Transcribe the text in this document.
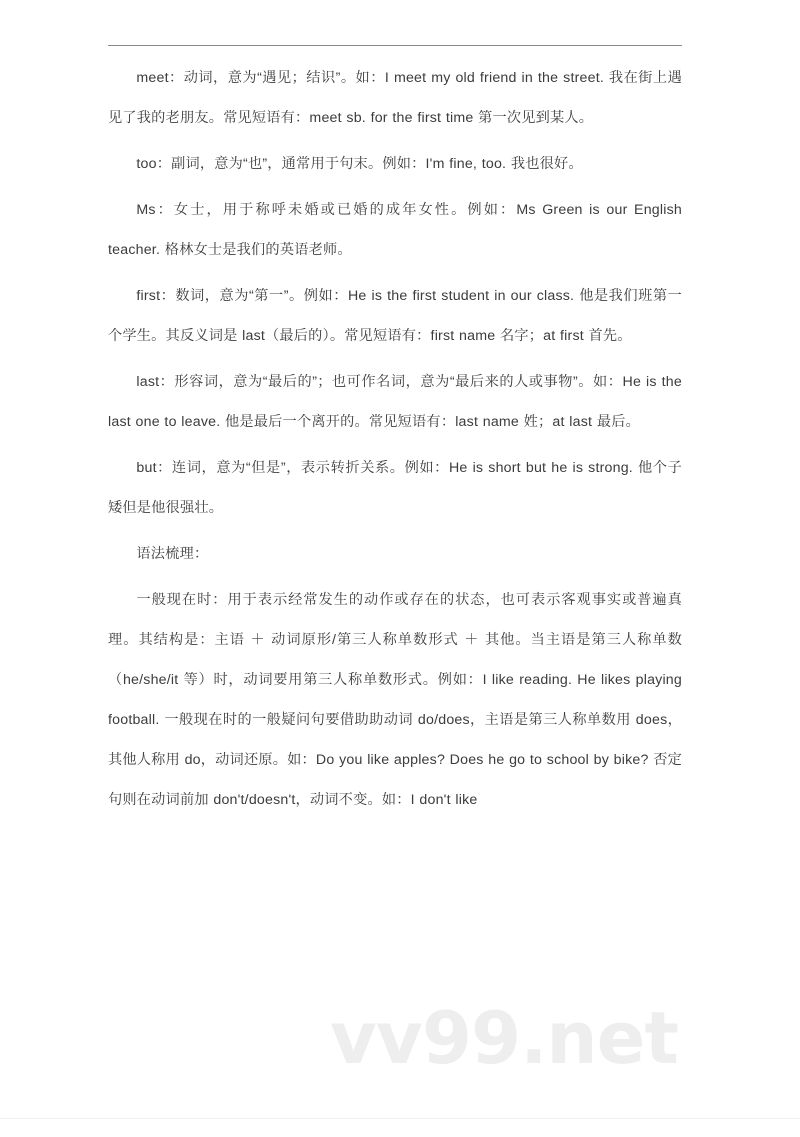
meet：动词，意为“遇见；结识”。如：I meet my old friend in the street. 我在街上遇见了我的老朋友。常见短语有：meet sb. for the first time 第一次见到某人。

too：副词，意为“也”，通常用于句末。例如：I'm fine, too. 我也很好。

Ms：女士，用于称呼未婚或已婚的成年女性。例如：Ms Green is our English teacher. 格林女士是我们的英语老师。

first：数词，意为“第一”。例如：He is the first student in our class. 他是我们班第一个学生。其反义词是 last（最后的）。常见短语有：first name 名字；at first 首先。

last：形容词，意为“最后的”；也可作名词，意为“最后来的人或事物”。如：He is the last one to leave. 他是最后一个离开的。常见短语有：last name 姓；at last 最后。

but：连词，意为“但是”，表示转折关系。例如：He is short but he is strong. 他个子矮但是他很强壮。

语法梳理：

一般现在时：用于表示经常发生的动作或存在的状态，也可表示客观事实或普遍真理。其结构是：主语 ＋ 动词原形/第三人称单数形式 ＋ 其他。当主语是第三人称单数（he/she/it 等）时，动词要用第三人称单数形式。例如：I like reading. He likes playing football. 一般现在时的一般疑问句要借助助动词 do/does，主语是第三人称单数用 does，其他人称用 do，动词还原。如：Do you like apples? Does he go to school by bike? 否定句则在动词前加 don't/doesn't，动词不变。如：I don't like

vv99.net
